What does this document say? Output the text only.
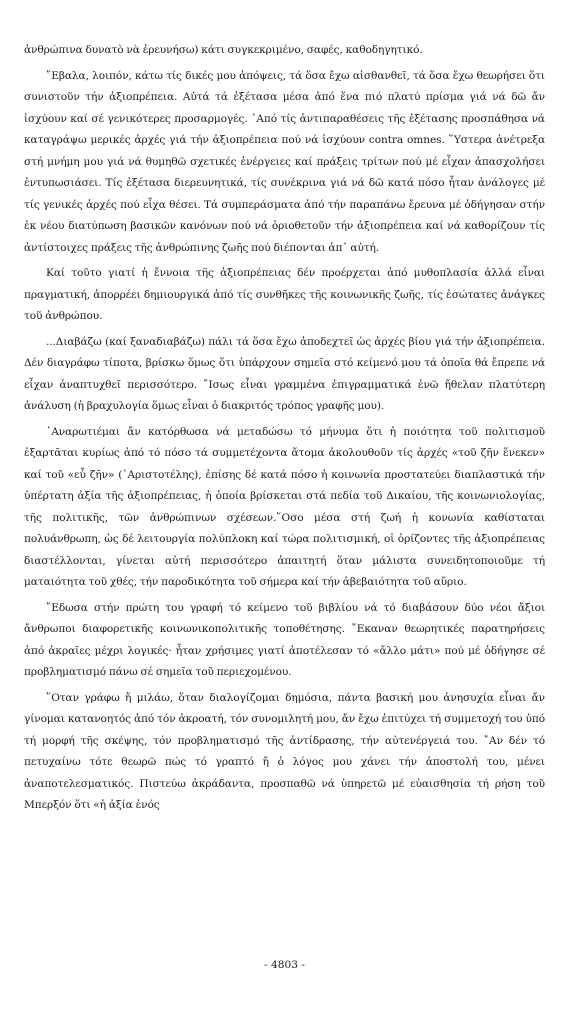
ἀνθρώπινα δυνατὸ νὰ ἐρευνήσω) κάτι συγκεκριμένο, σαφές, καθοδηγητικό.

῎Εβαλα, λοιπόν, κάτω τίς δικές μου ἀπόψεις, τά ὅσα ἔχω αἰσθανθεῖ, τά ὅσα ἔχω θεωρήσει ὅτι συνιστοῦν τήν ἀξιοπρέπεια. Αὐτά τά ἐξέτασα μέσα ἀπό ἕνα πιό πλατύ πρίσμα γιά νά δῶ ἄν ἰσχύουν καί σέ γενικότερες προσαρμογές. ᾽Από τίς ἀντιπαραθέσεις τῆς ἐξέτασης προσπάθησα νά καταγράψω μερικές ἀρχές γιά τήν ἀξιοπρέπεια πού νά ἰσχύουν contra omnes. ῞Υστερα ἀνέτρεξα στή μνήμη μου γιά νά θυμηθῶ σχετικές ἐνέργειες καί πράξεις τρίτων πού μέ εἶχαν ἀπασχολήσει ἐντυπωσιάσει. Τίς ἐξέτασα διερευνητικά, τίς συνέκρινα γιά νά δῶ κατά πόσο ἦταν ἀνάλογες μέ τίς γενικές ἀρχές πού εἶχα θέσει. Τά συμπεράσματα ἀπό τήν παραπάνω ἔρευνα μέ ὁδήγησαν στήν ἐκ νέου διατύπωση βασικῶν κανόνων πού νά ὁριοθετοῦν τήν ἀξιοπρέπεια καί νά καθορίζουν τίς ἀντίστοιχες πράξεις τῆς ἀνθρώπινης ζωῆς πού διέπονται ἀπ᾽ αὐτή.

Καί τοῦτο γιατί ἡ ἔννοια τῆς ἀξιοπρέπειας δέν προέρχεται ἀπό μυθοπλασία ἀλλά εἶναι πραγματική, ἀπορρέει δημιουργικά ἀπό τίς συνθῆκες τῆς κοινωνικῆς ζωῆς, τίς ἐσώτατες ἀνάγκες τοῦ ἀνθρώπου.

...Διαβάζω (καί ξαναδιαβάζω) πάλι τά ὅσα ἔχω ἀποδεχτεῖ ὡς ἀρχές βίου γιά τήν ἀξιοπρέπεια. Δέν διαγράφω τίποτα, βρίσκω ὅμως ὅτι ὑπάρχουν σημεῖα στό κείμενό μου τά ὁποῖα θά ἔπρεπε νά εἶχαν ἀναπτυχθεῖ περισσότερο. ῎Ισως εἶναι γραμμένα ἐπιγραμματικά ἐνῶ ἤθελαν πλατύτερη ἀνάλυση (ἡ βραχυλογία ὅμως εἶναι ὁ διακριτός τρόπος γραφῆς μου).

᾽Αναρωτιέμαι ἄν κατόρθωσα νά μεταδώσω τό μήνυμα ὅτι ἡ ποιότητα τοῦ πολιτισμοῦ ἐξαρτᾶται κυρίως ἀπό τό πόσο τά συμμετέχοντα ἄτομα ἀκολουθοῦν τίς ἀρχές «τοῦ ζῆν ἕνεκεν» καί τοῦ «εὖ ζῆν» (᾽Αριστοτέλης), ἐπίσης δέ κατά πόσο ἡ κοινωνία προστατεύει διαπλαστικά τήν ὑπέρτατη ἀξία τῆς ἀξιοπρέπειας, ἡ ὁποία βρίσκεται στά πεδία τοῦ Δικαίου, τῆς κοινωνιολογίας, τῆς πολιτικῆς, τῶν ἀνθρώπινων σχέσεων.῞Οσο μέσα στή ζωή ἡ κονωνία καθίσταται πολυάνθρωπη, ὡς δέ λειτουργία πολύπλοκη καί τώρα πολιτισμική, οἱ ὁρίζοντες τῆς ἀξιοπρέπειας διαστέλλονται, γίνεται αὐτή περισσότερο ἀπαιτητή ὅταν μάλιστα συνειδητοποιοῦμε τή ματαιότητα τοῦ χθές, τήν παροδικότητα τοῦ σήμερα καί τήν ἀβεβαιότητα τοῦ αὔριο.

῎Εδωσα στήν πρώτη του γραφή τό κείμενο τοῦ βιβλίου νά τό διαβάσουν δύο νέοι ἄξιοι ἄνθρωποι διαφορετικῆς κοινωνικοπολιτικῆς τοποθέτησης. ῎Εκαναν θεωρητικές παρατηρήσεις ἀπό ἀκραῖες μέχρι λογικές· ἦταν χρήσιμες γιατί ἀποτέλεσαν τό «ἄλλο μάτι» πού μέ ὁδήγησε σέ προβληματισμό πάνω σέ σημεῖα τοῦ περιεχομένου.

῞Οταν γράφω ἤ μιλάω, ὅταν διαλογίζομαι δημόσια, πάντα βασική μου ἀνησυχία εἶναι ἄν γίνομαι κατανοητός ἀπό τόν ἀκροατή, τόν συνομιλητή μου, ἄν ἔχω ἐπιτύχει τή συμμετοχή του ὑπό τή μορφή τῆς σκέψης, τόν προβληματισμό τῆς ἀντίδρασης, τήν αὐτενέργειά του. ῎Αν δέν τό πετυχαίνω τότε θεωρῶ πώς τό γραπτό ἤ ὁ λόγος μου χάνει τήν ἀποστολή του, μένει ἀναποτελεσματικός. Πιστεύω ἀκράδαντα, προσπαθῶ νά ὑπηρετῶ μέ εὐαισθησία τή ρήση τοῦ Μπερξόν ὅτι «ἡ ἀξία ἑνός

- 4803 -
